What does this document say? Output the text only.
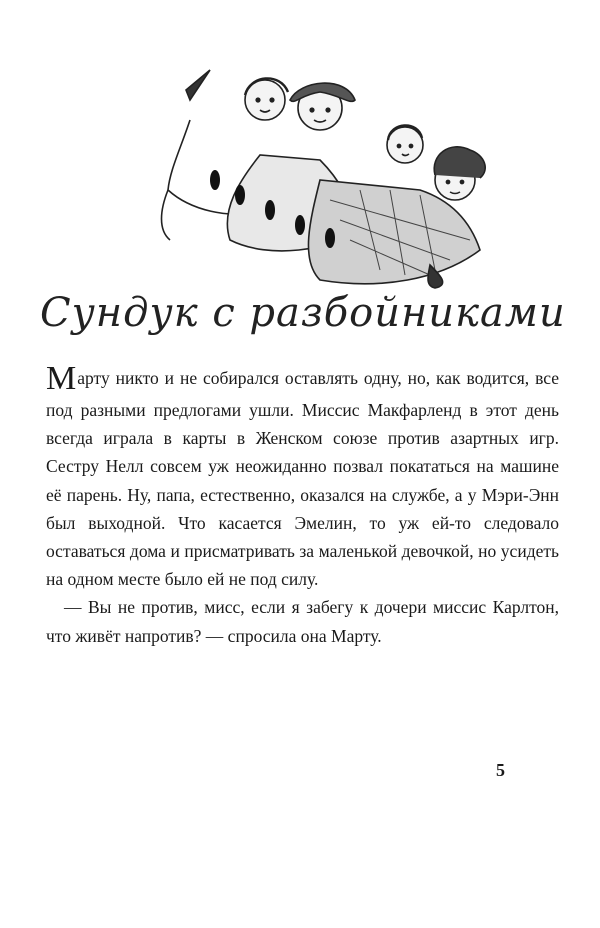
Сундук с разбойниками

Марту никто и не собирался оставлять одну, но, как водится, все под разными предлогами ушли. Миссис Макфарленд в этот день всегда играла в карты в Женском союзе против азартных игр. Сестру Нелл совсем уж неожиданно позвал покататься на машине её парень. Ну, папа, естественно, оказался на службе, а у Мэри-Энн был выходной. Что касается Эмелин, то уж ей-то следовало оставаться дома и присматривать за маленькой девочкой, но усидеть на одном месте было ей не под силу.

— Вы не против, мисс, если я забегу к дочери миссис Карлтон, что живёт напротив? — спросила она Марту.

5
